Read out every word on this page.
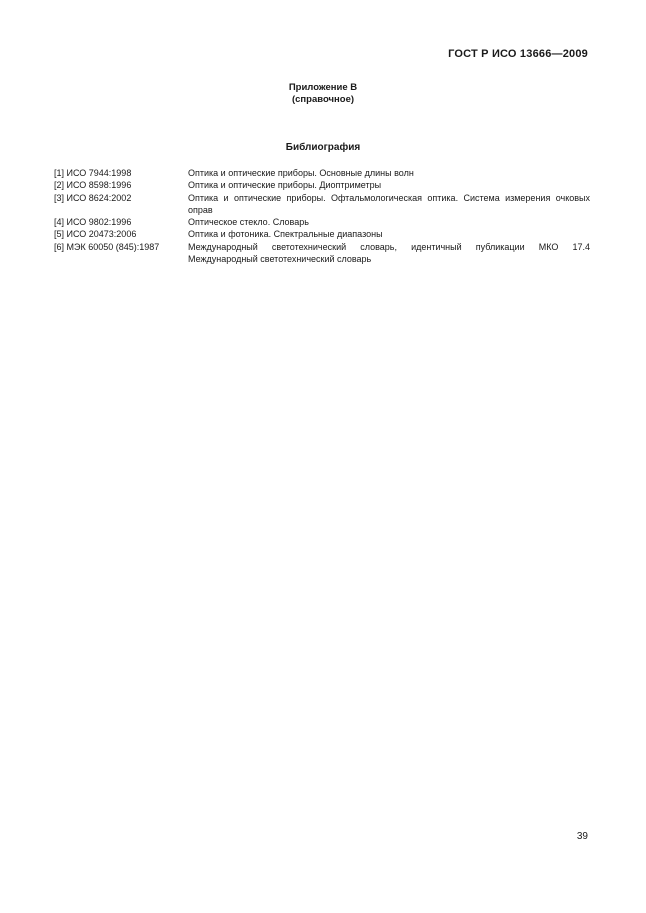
ГОСТ Р ИСО 13666—2009
Приложение В
(справочное)
Библиография
[1] ИСО 7944:1998	Оптика и оптические приборы. Основные длины волн
[2] ИСО 8598:1996	Оптика и оптические приборы. Диоптриметры
[3] ИСО 8624:2002	Оптика и оптические приборы. Офтальмологическая оптика. Система измерения очковых оправ
[4] ИСО 9802:1996	Оптическое стекло. Словарь
[5] ИСО 20473:2006	Оптика и фотоника. Спектральные диапазоны
[6] МЭК 60050 (845):1987	Международный светотехнический словарь, идентичный публикации МКО 17.4 Международный светотехнический словарь
39
